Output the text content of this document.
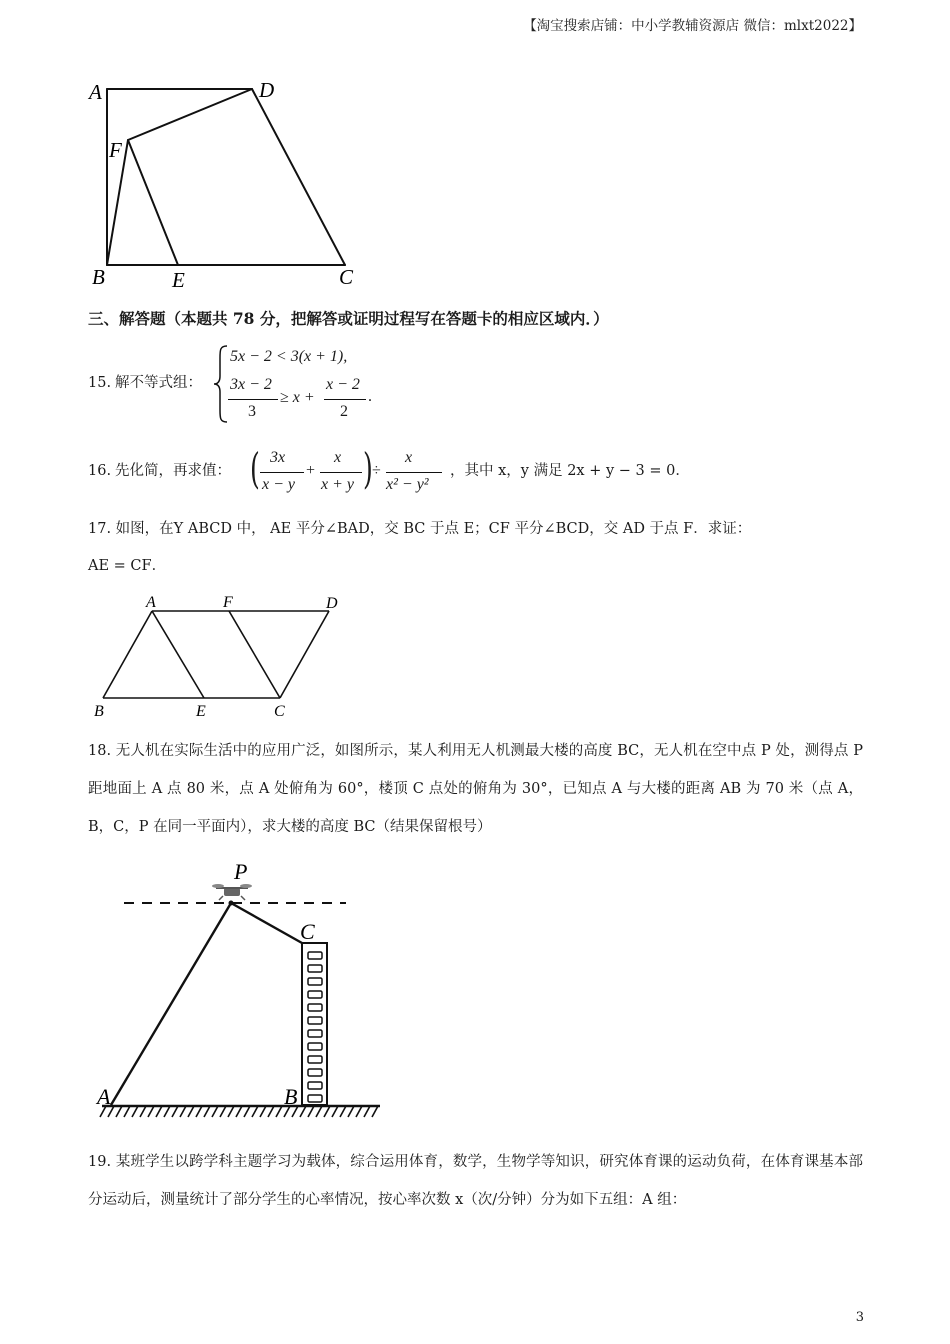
【淘宝搜索店铺：中小学教辅资源店 微信：mlxt2022】
A	D
F
B	E	C
三、解答题（本题共 78 分，把解答或证明过程写在答题卡的相应区域内．）
15. 解不等式组：
5x − 2 < 3(x + 1),
3x − 2
3
≥ x +
x − 2
2
.
16. 先化简，再求值： ( 3x
x − y
+
x
x + y ) ÷
x
x² − y²
，其中 x，y 满足 2x + y − 3 = 0．
17. 如图，在Y ABCD 中， AE 平分∠BAD，交 BC 于点 E；CF 平分∠BCD，交 AD 于点 F．求证：
AE = CF．
A	F	D
B	E	C
18. 无人机在实际生活中的应用广泛，如图所示，某人利用无人机测最大楼的高度 BC，无人机在空中点 P 处，测得点 P 距地面上 A 点 80 米，点 A 处俯角为 60°，楼顶 C 点处的俯角为 30°，已知点 A 与大楼的距离 AB 为 70 米（点 A，B，C，P 在同一平面内），求大楼的高度 BC（结果保留根号）
P
C
A	B
19. 某班学生以跨学科主题学习为载体，综合运用体育，数学，生物学等知识，研究体育课的运动负荷，在体育课基本部分运动后，测量统计了部分学生的心率情况，按心率次数 x（次/分钟）分为如下五组：A 组：
3
